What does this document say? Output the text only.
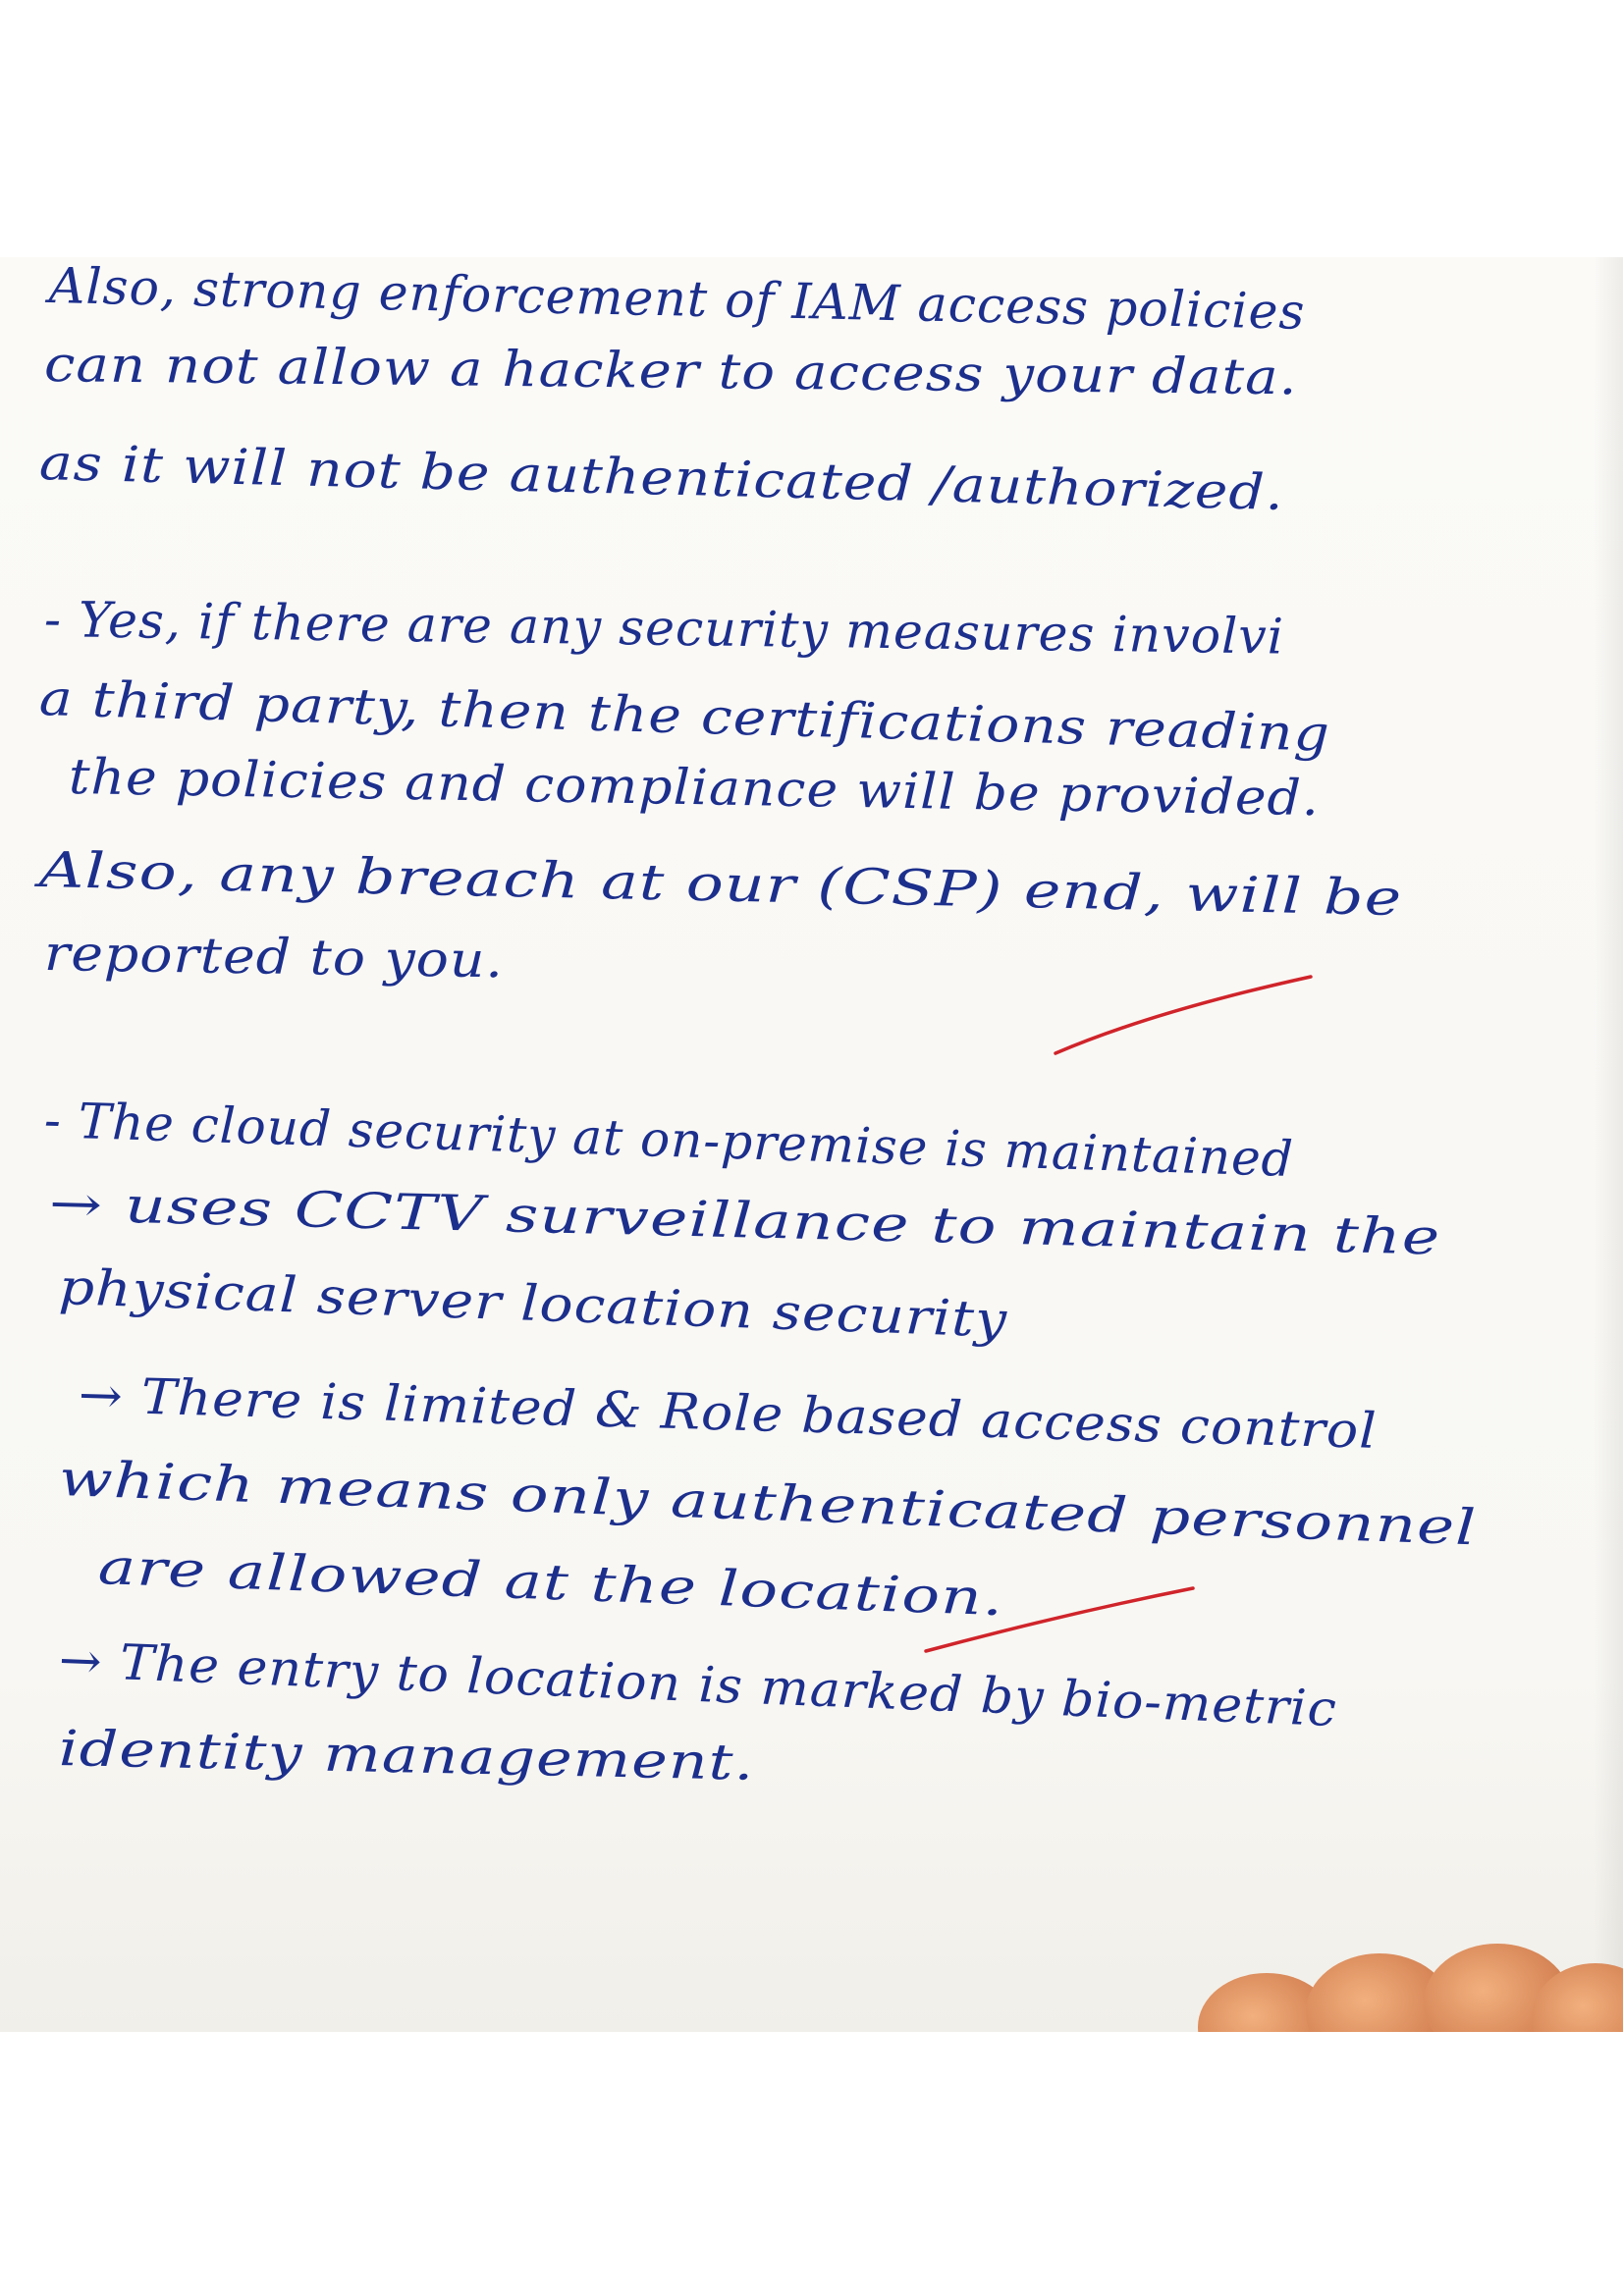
Also, strong enforcement of IAM access policies
can not allow a hacker to access your data.
as it will not be authenticated /authorized.
- Yes, if there are any security measures involvi
a third party, then the certifications reading
the policies and compliance will be provided.
Also, any breach at our (CSP) end, will be
reported to you.
- The cloud security at on-premise is maintained
→ uses CCTV surveillance to maintain the
physical server location security
→ There is limited & Role based access control
which means only authenticated personnel
are allowed at the location.
→ The entry to location is marked by bio-metric
identity management.
